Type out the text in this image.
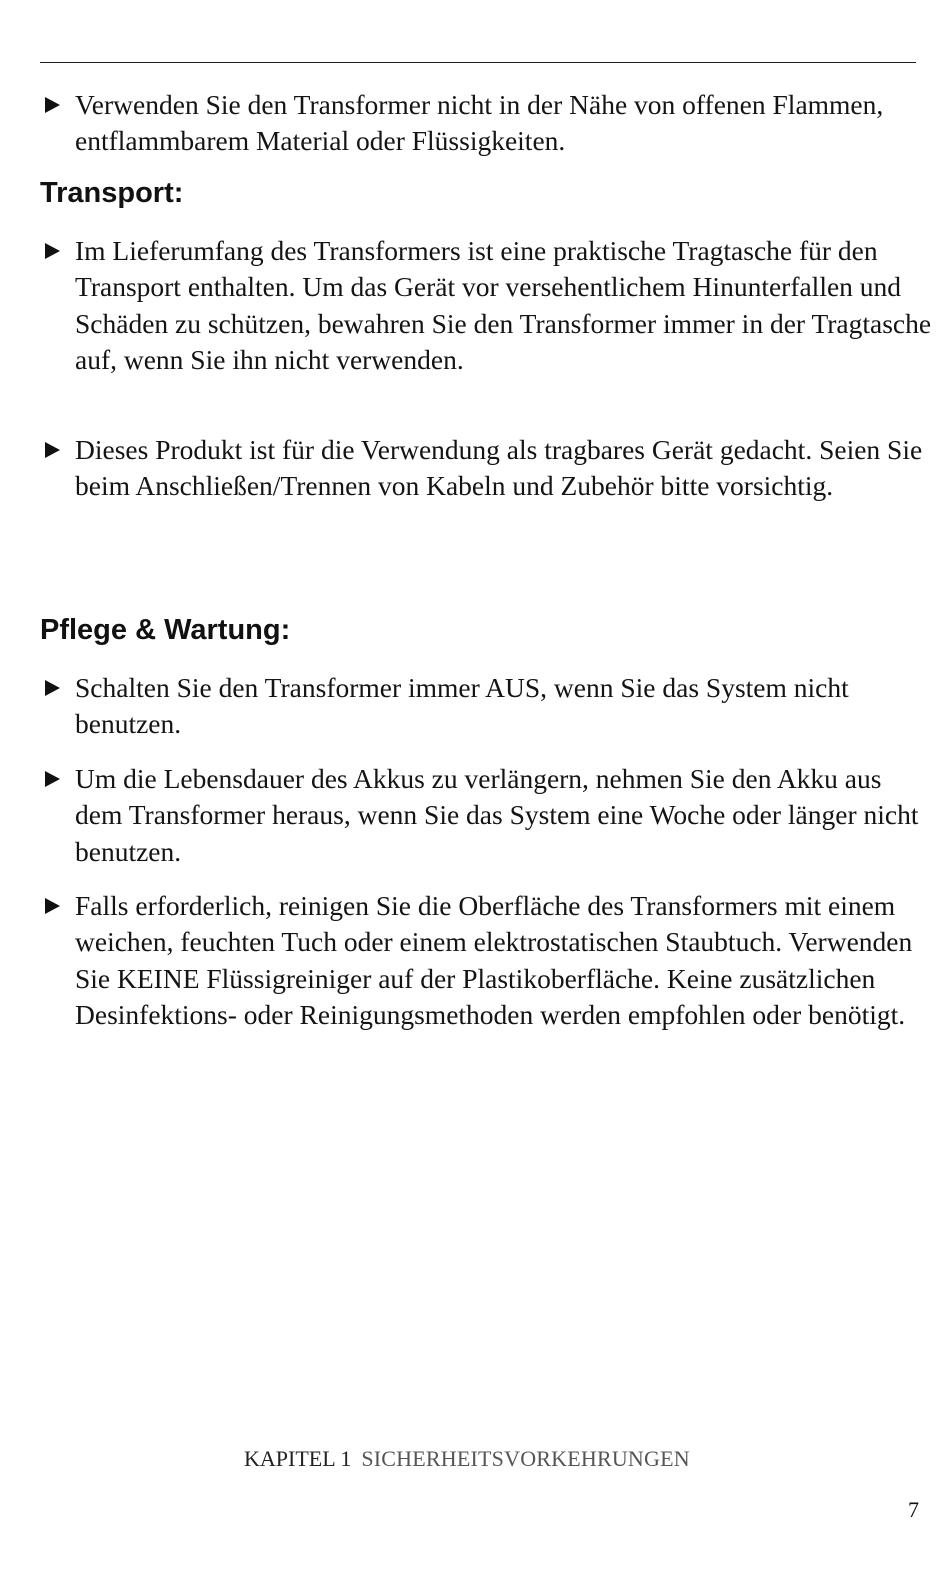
Verwenden Sie den Transformer nicht in der Nähe von offenen Flammen, entflammbarem Material oder Flüssigkeiten.
Transport:
Im Lieferumfang des Transformers ist eine praktische Tragtasche für den Transport enthalten. Um das Gerät vor versehentlichem Hinunterfallen und Schäden zu schützen, bewahren Sie den Transformer immer in der Tragtasche auf, wenn Sie ihn nicht verwenden.
Dieses Produkt ist für die Verwendung als tragbares Gerät gedacht. Seien Sie beim Anschließen/Trennen von Kabeln und Zubehör bitte vorsichtig.
Pflege & Wartung:
Schalten Sie den Transformer immer AUS, wenn Sie das System nicht benutzen.
Um die Lebensdauer des Akkus zu verlängern, nehmen Sie den Akku aus dem Transformer heraus, wenn Sie das System eine Woche oder länger nicht benutzen.
Falls erforderlich, reinigen Sie die Oberfläche des Transformers mit einem weichen, feuchten Tuch oder einem elektrostatischen Staubtuch. Verwenden Sie KEINE Flüssigreiniger auf der Plastikoberfläche. Keine zusätzlichen Desinfektions- oder Reinigungsmethoden werden empfohlen oder benötigt.
KAPITEL 1 SICHERHEITSVORKEHRUNGEN
7
